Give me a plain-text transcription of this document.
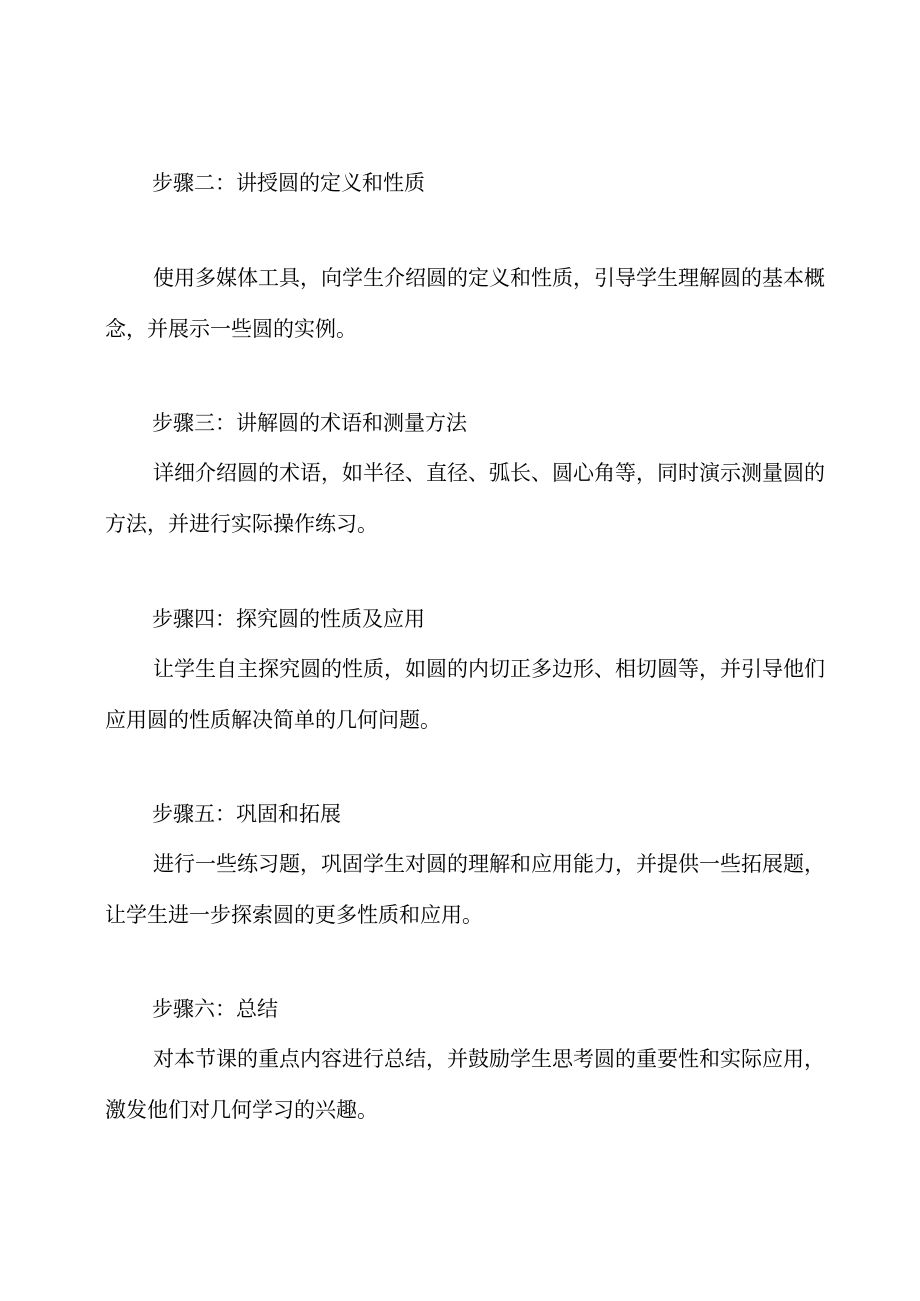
步骤二：讲授圆的定义和性质

使用多媒体工具，向学生介绍圆的定义和性质，引导学生理解圆的基本概念，并展示一些圆的实例。

步骤三：讲解圆的术语和测量方法

详细介绍圆的术语，如半径、直径、弧长、圆心角等，同时演示测量圆的方法，并进行实际操作练习。

步骤四：探究圆的性质及应用

让学生自主探究圆的性质，如圆的内切正多边形、相切圆等，并引导他们应用圆的性质解决简单的几何问题。

步骤五：巩固和拓展

进行一些练习题，巩固学生对圆的理解和应用能力，并提供一些拓展题，让学生进一步探索圆的更多性质和应用。

步骤六：总结

对本节课的重点内容进行总结，并鼓励学生思考圆的重要性和实际应用，激发他们对几何学习的兴趣。
